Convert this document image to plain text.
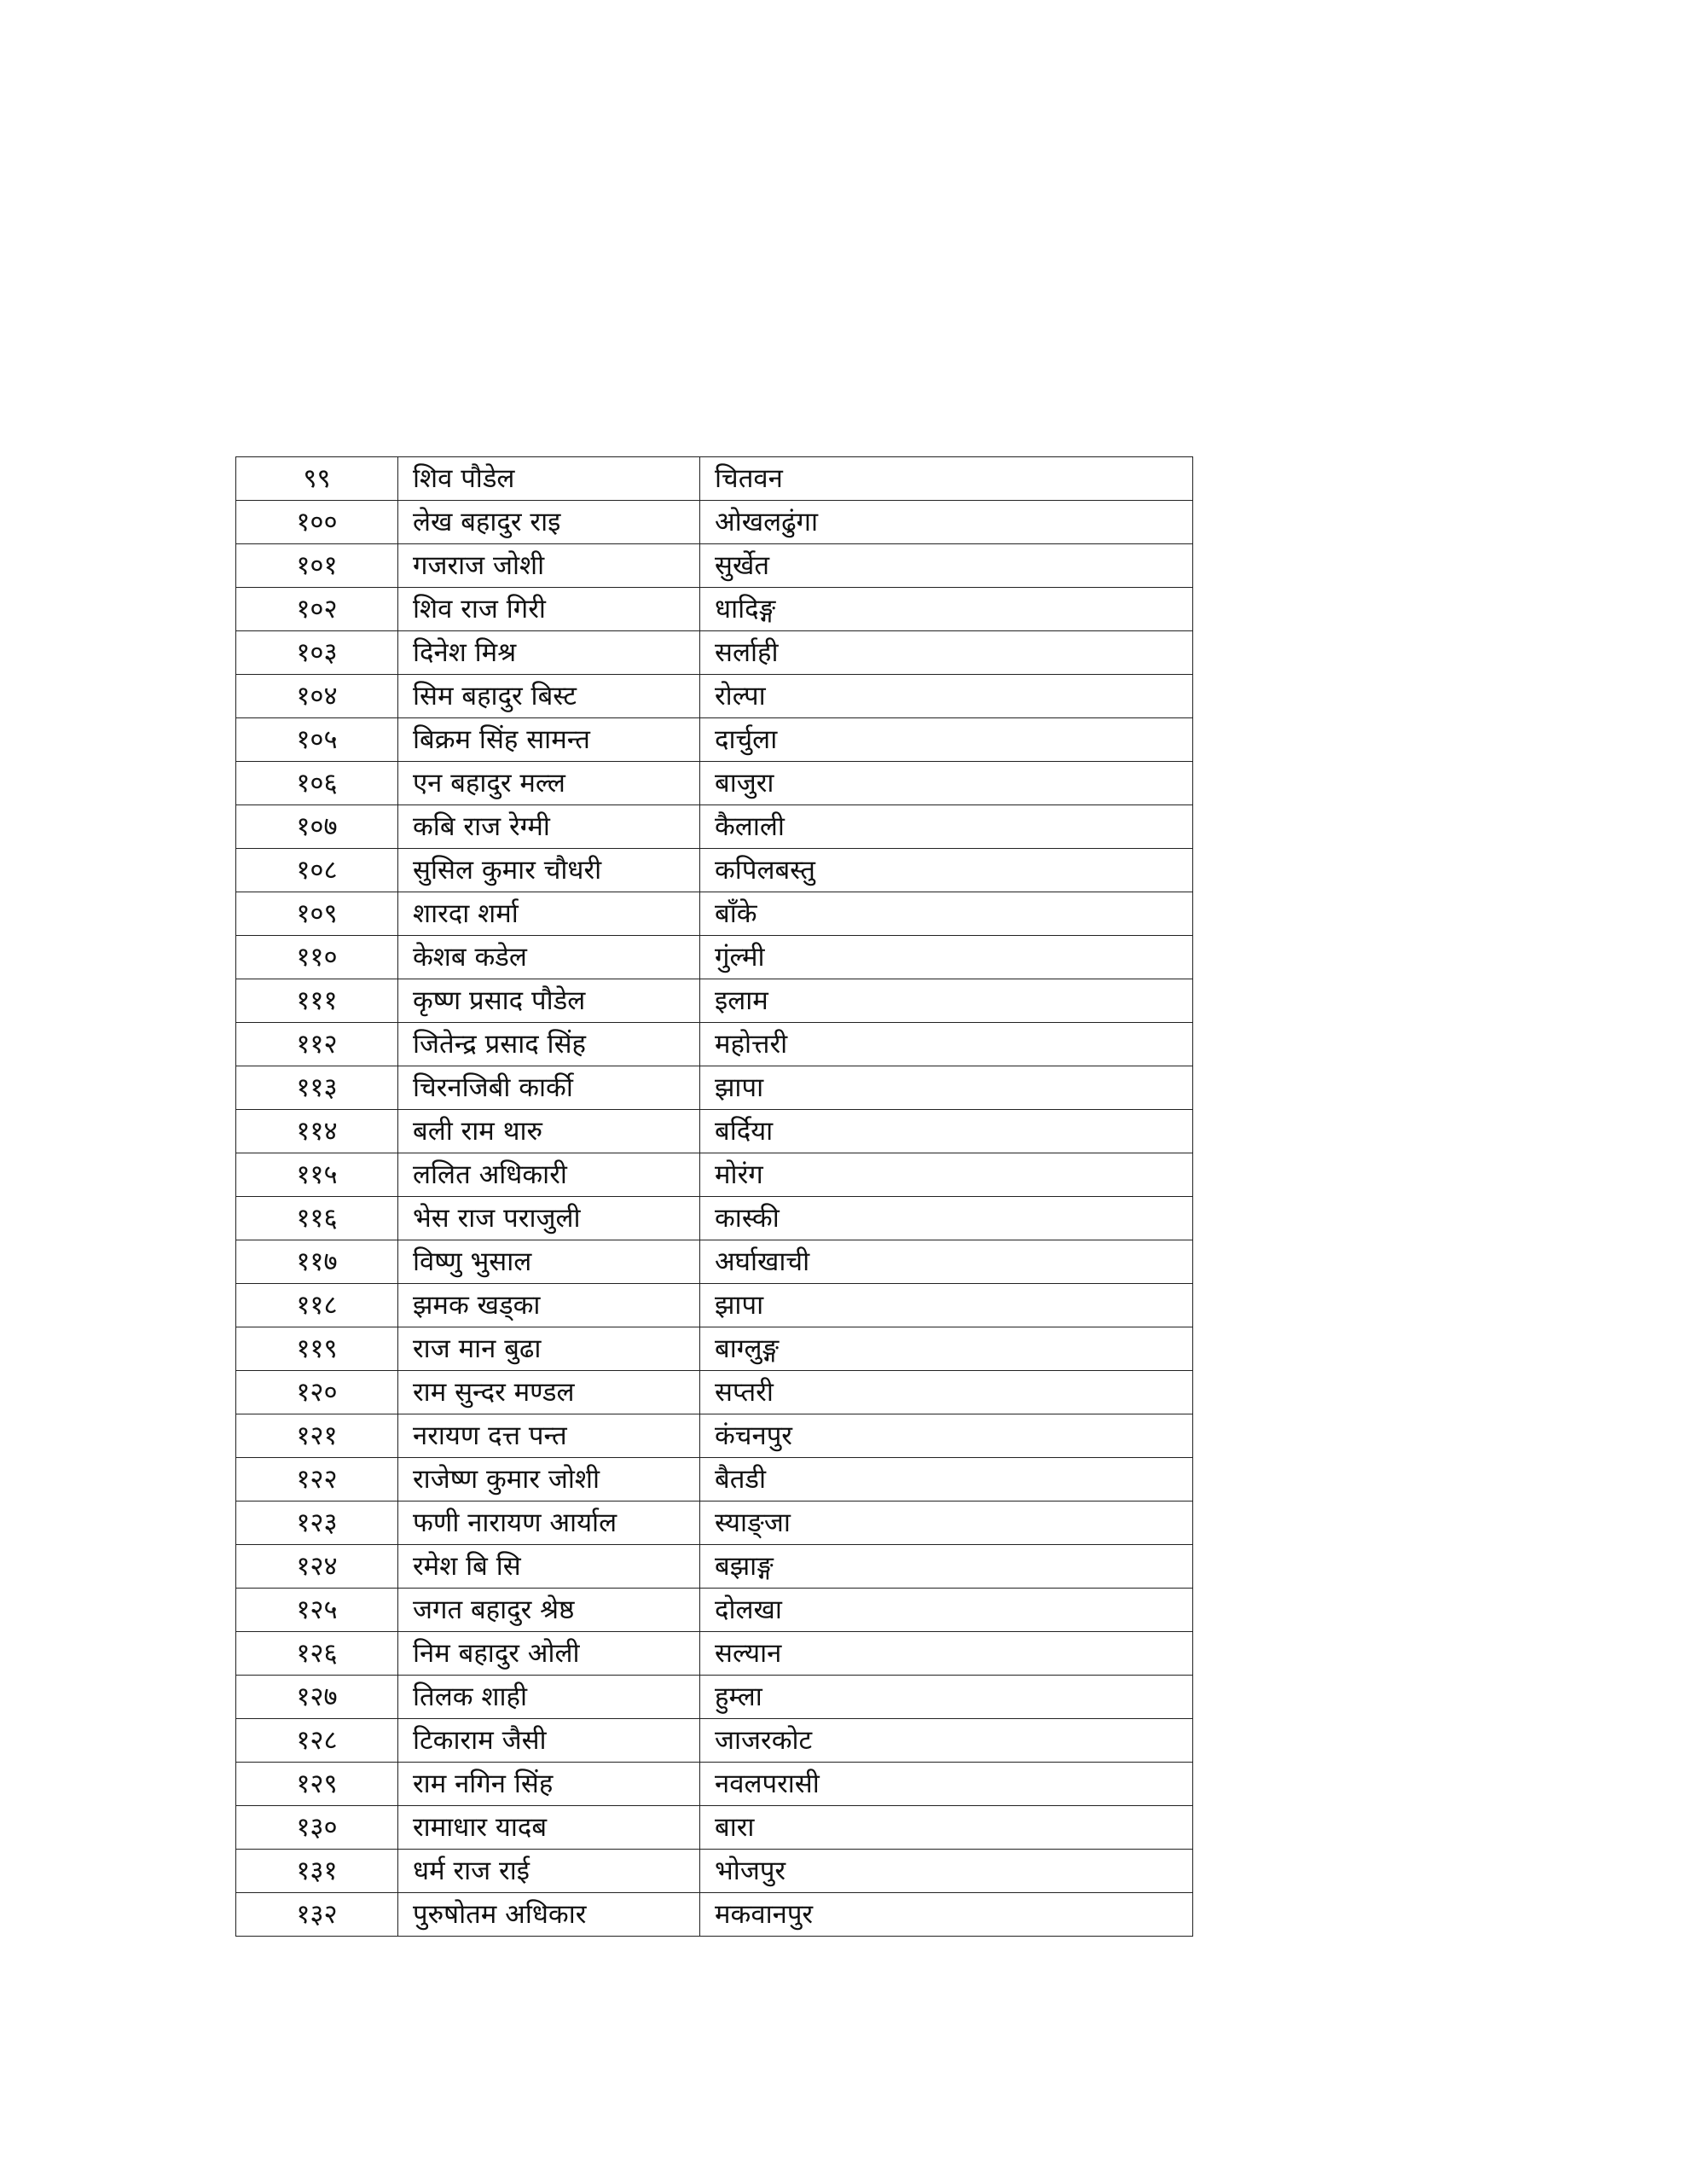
९९	शिव पौडेल	चितवन
१००	लेख बहादुर राइ	ओखलढुंगा
१०१	गजराज जोशी	सुर्खेत
१०२	शिव राज गिरी	धादिङ्ग
१०३	दिनेश मिश्र	सर्लाही
१०४	सिम बहादुर बिस्ट	रोल्पा
१०५	बिक्रम सिंह सामन्त	दार्चुला
१०६	एन बहादुर मल्ल	बाजुरा
१०७	कबि राज रेग्मी	कैलाली
१०८	सुसिल कुमार चौधरी	कपिलबस्तु
१०९	शारदा शर्मा	बाँके
११०	केशब कडेल	गुंल्मी
१११	कृष्ण प्रसाद पौडेल	इलाम
११२	जितेन्द्र प्रसाद सिंह	महोत्तरी
११३	चिरनजिबी कार्की	झापा
११४	बली राम थारु	बर्दिया
११५	ललित अधिकारी	मोरंग
११६	भेस राज पराजुली	कास्की
११७	विष्णु भुसाल	अर्घाखाची
११८	झमक खड्का	झापा
११९	राज मान बुढा	बाग्लुङ्ग
१२०	राम सुन्दर मण्डल	सप्तरी
१२१	नरायण दत्त पन्त	कंचनपुर
१२२	राजेष्ण कुमार जोशी	बैतडी
१२३	फणी नारायण आर्याल	स्याङ्जा
१२४	रमेश बि सि	बझाङ्ग
१२५	जगत बहादुर श्रेष्ठ	दोलखा
१२६	निम बहादुर ओली	सल्यान
१२७	तिलक शाही	हुम्ला
१२८	टिकाराम जैसी	जाजरकोट
१२९	राम नगिन सिंह	नवलपरासी
१३०	रामाधार यादब	बारा
१३१	धर्म राज राई	भोजपुर
१३२	पुरुषोतम अधिकार	मकवानपुर
